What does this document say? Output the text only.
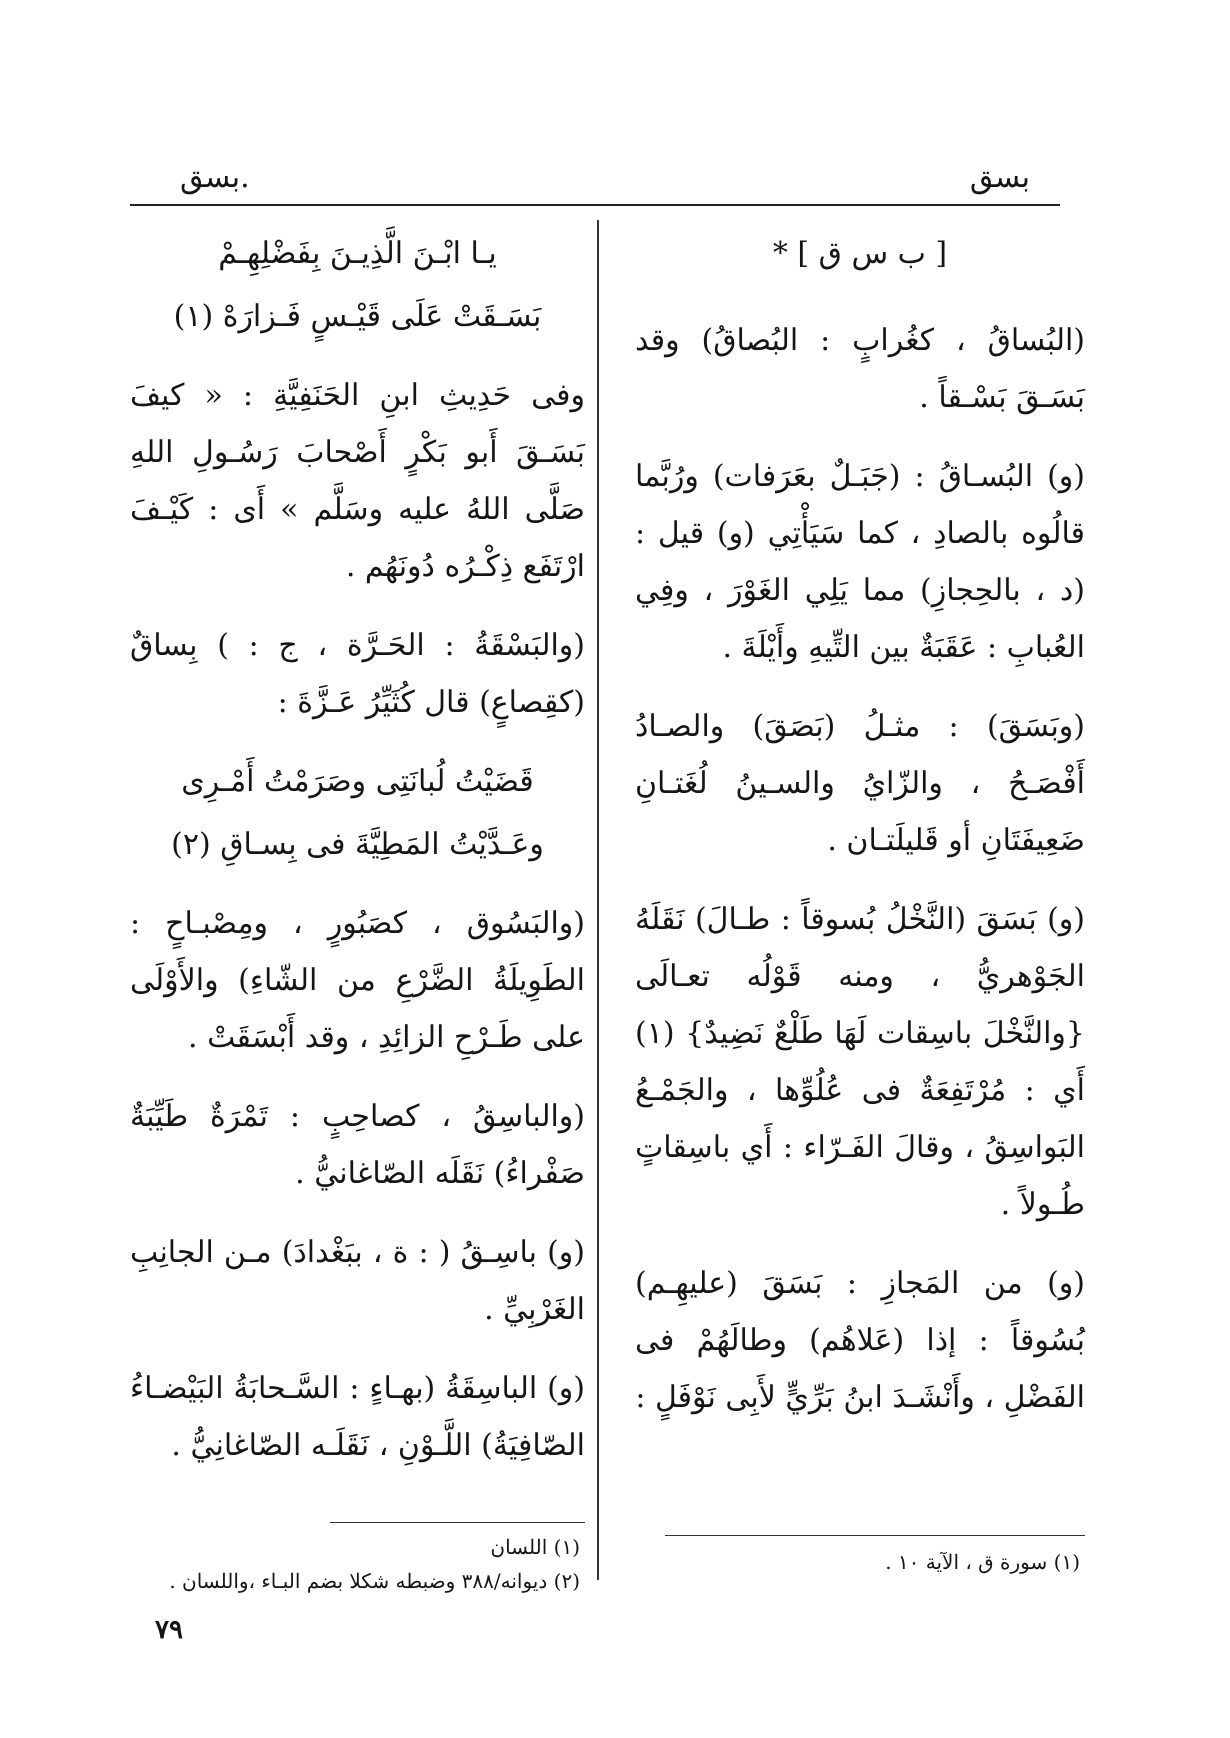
بسق
بسق.

[ ب س ق ] *

(البُساقُ ، كغُرابٍ : البُصاقُ) وقد بَسَـقَ بَسْـقاً .

(و) البُسـاقُ : (جَبَـلٌ بعَرَفات) ورُبَّما قالُوه بالصادِ ، كما سَيَأْتِي (و) قيل : (د ، بالحِجازِ) مما يَلِي الغَوْرَ ، وفِي العُبابِ : عَقَبَةٌ بين التِّيهِ وأَيْلَةَ .

(وبَسَقَ) : مثـلُ (بَصَقَ) والصـادُ أَفْصَـحُ ، والزّايُ والسـينُ لُغَتـانِ ضَعِيفَتَانِ أو قَليلَتـان .

(و) بَسَقَ (النَّخْلُ بُسوقاً : طـالَ) نَقَلَهُ الجَوْهريُّ ، ومنه قَوْلُه تعـالَى {والنَّخْلَ باسِقات لَهَا طَلْعٌ نَضِيدٌ} (١) أَي : مُرْتَفِعَةٌ فى عُلُوِّها ، والجَمْـعُ البَواسِقُ ، وقالَ الفَـرّاء : أَي باسِقاتٍ طُـولاً .

(و) من المَجازِ : بَسَقَ (عليهِـم) بُسُوقاً : إذا (عَلاهُم) وطالَهُمْ فى الفَضْلِ ، وأَنْشَـدَ ابنُ بَرِّيٍّ لأَبِى نَوْفَلٍ :

يـا ابْـنَ الَّذِيـنَ بِفَضْلِهِـمْ

بَسَـقَتْ عَلَى قَيْـسٍ فَـزارَهْ (١)

وفى حَدِيثِ ابنِ الحَنَفِيَّةِ : « كيفَ بَسَـقَ أَبو بَكْرٍ أَصْحابَ رَسُـولِ اللهِ صَلَّى اللهُ عليه وسَلَّم » أَى : كَيْـفَ ارْتَفَع ذِكْـرُه دُونَهُم .

(والبَسْقَةُ : الحَـرَّة ، ج : ) بِساقٌ (كقِصاعٍ) قال كُثَيِّرُ عَـزَّةَ :

قَضَيْتُ لُبانَتِى وصَرَمْتُ أَمْـرِى

وعَـدَّيْتُ المَطِيَّةَ فى بِسـاقِ (٢)

(والبَسُوق ، كصَبُورٍ ، ومِصْبـاحٍ : الطَوِيلَةُ الضَّرْعِ من الشّاءِ) والأَوْلَى على طَـرْحِ الزائِدِ ، وقد أَبْسَقَتْ .

(والباسِقُ ، كصاحِبٍ : تَمْرَةٌ طَيِّبَةٌ صَفْراءُ) نَقَلَه الصّاغانيُّ .

(و) باسِـقُ ( : ة ، ببَغْدادَ) مـن الجانِبِ الغَرْبِيِّ .

(و) الباسِقَةُ (بهـاءٍ : السَّـحابَةُ البَيْضـاءُ الصّافِيَةُ) اللَّـوْنِ ، نَقَلَـه الصّاغانِيُّ .

(١) سورة ق ، الآية ١٠ .
(١) اللسان
(٢) ديوانه/٣٨٨ وضبطه شكلا بضم البـاء ،واللسان .
٧٩
